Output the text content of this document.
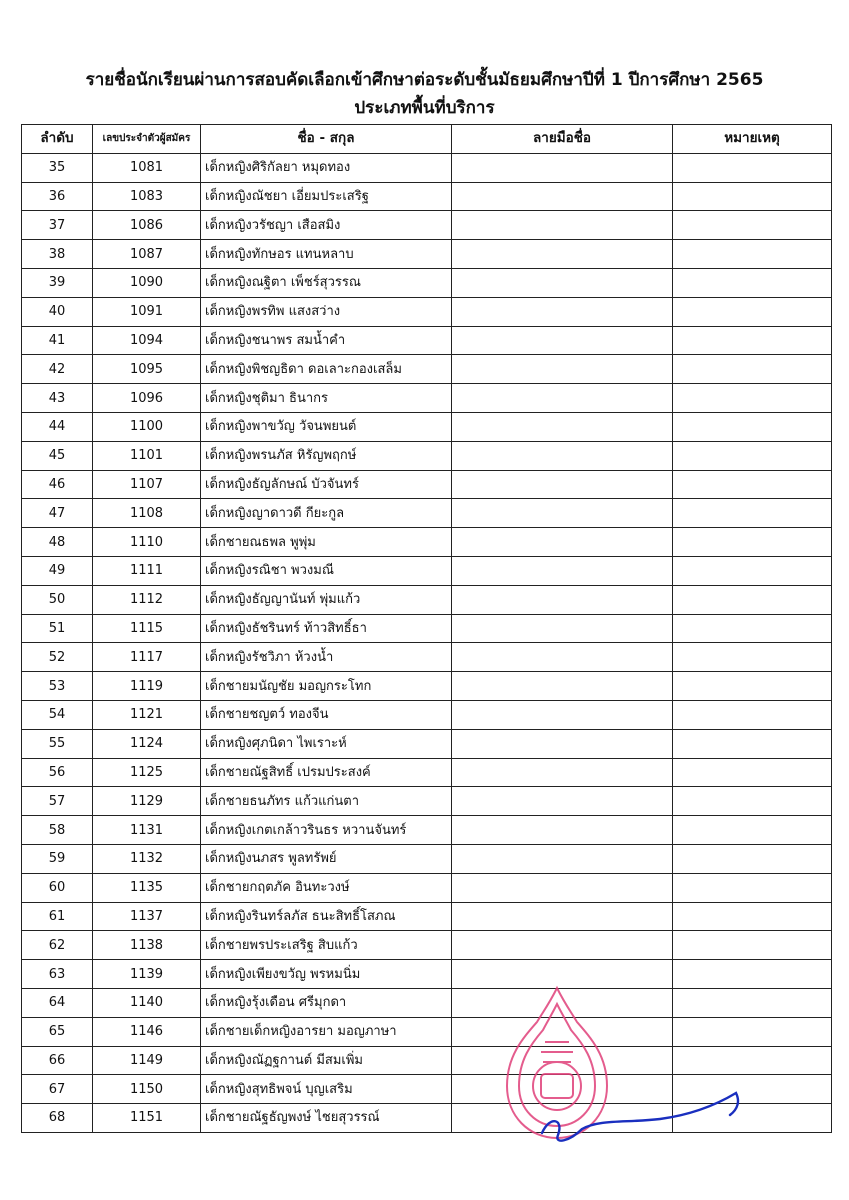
รายชื่อนักเรียนผ่านการสอบคัดเลือกเข้าศึกษาต่อระดับชั้นมัธยมศึกษาปีที่ 1 ปีการศึกษา 2565
ประเภทพื้นที่บริการ
ลำดับ	เลขประจำตัวผู้สมัคร	ชื่อ - สกุล	ลายมือชื่อ	หมายเหตุ
35	1081	เด็กหญิงศิริกัลยา หมุดทอง		
36	1083	เด็กหญิงณัชยา เอี่ยมประเสริฐ		
37	1086	เด็กหญิงวรัชญา เสือสมิง		
38	1087	เด็กหญิงทักษอร แทนหลาบ		
39	1090	เด็กหญิงณฐิตา เพ็ชร์สุวรรณ		
40	1091	เด็กหญิงพรทิพ แสงสว่าง		
41	1094	เด็กหญิงชนาพร สมน้ำคำ		
42	1095	เด็กหญิงพิชญธิดา ดอเลาะกองเสล็ม		
43	1096	เด็กหญิงชุติมา ธินากร		
44	1100	เด็กหญิงพาขวัญ วัจนพยนต์		
45	1101	เด็กหญิงพรนภัส หิรัญพฤกษ์		
46	1107	เด็กหญิงธัญลักษณ์ บัวจันทร์		
47	1108	เด็กหญิงญาดาวดี กียะกูล		
48	1110	เด็กชายณธพล พูพุ่ม		
49	1111	เด็กหญิงรณิชา พวงมณี		
50	1112	เด็กหญิงธัญญานันท์ พุ่มแก้ว		
51	1115	เด็กหญิงธัชรินทร์ ท้าวสิทธิ์ธา		
52	1117	เด็กหญิงรัชวิภา ห้วงน้ำ		
53	1119	เด็กชายมนัญชัย มอญกระโทก		
54	1121	เด็กชายชญตว์ ทองจีน		
55	1124	เด็กหญิงศุภนิดา ไพเราะห์		
56	1125	เด็กชายณัฐสิทธิ์ เปรมประสงค์		
57	1129	เด็กชายธนภัทร แก้วแก่นตา		
58	1131	เด็กหญิงเกตเกล้าวรินธร หวานจันทร์		
59	1132	เด็กหญิงนภสร พูลทรัพย์		
60	1135	เด็กชายกฤตภัค อินทะวงษ์		
61	1137	เด็กหญิงรินทร์ลภัส ธนะสิทธิ์โสภณ		
62	1138	เด็กชายพรประเสริฐ สิบแก้ว		
63	1139	เด็กหญิงเพียงขวัญ พรหมนิ่ม		
64	1140	เด็กหญิงรุ้งเดือน ศรีมุกดา		
65	1146	เด็กชายเด็กหญิงอารยา มอญภาษา		
66	1149	เด็กหญิงณัฏฐกานต์ มีสมเพิ่ม		
67	1150	เด็กหญิงสุทธิพจน์ บุญเสริม		
68	1151	เด็กชายณัฐธัญพงษ์ ไชยสุวรรณ์		
